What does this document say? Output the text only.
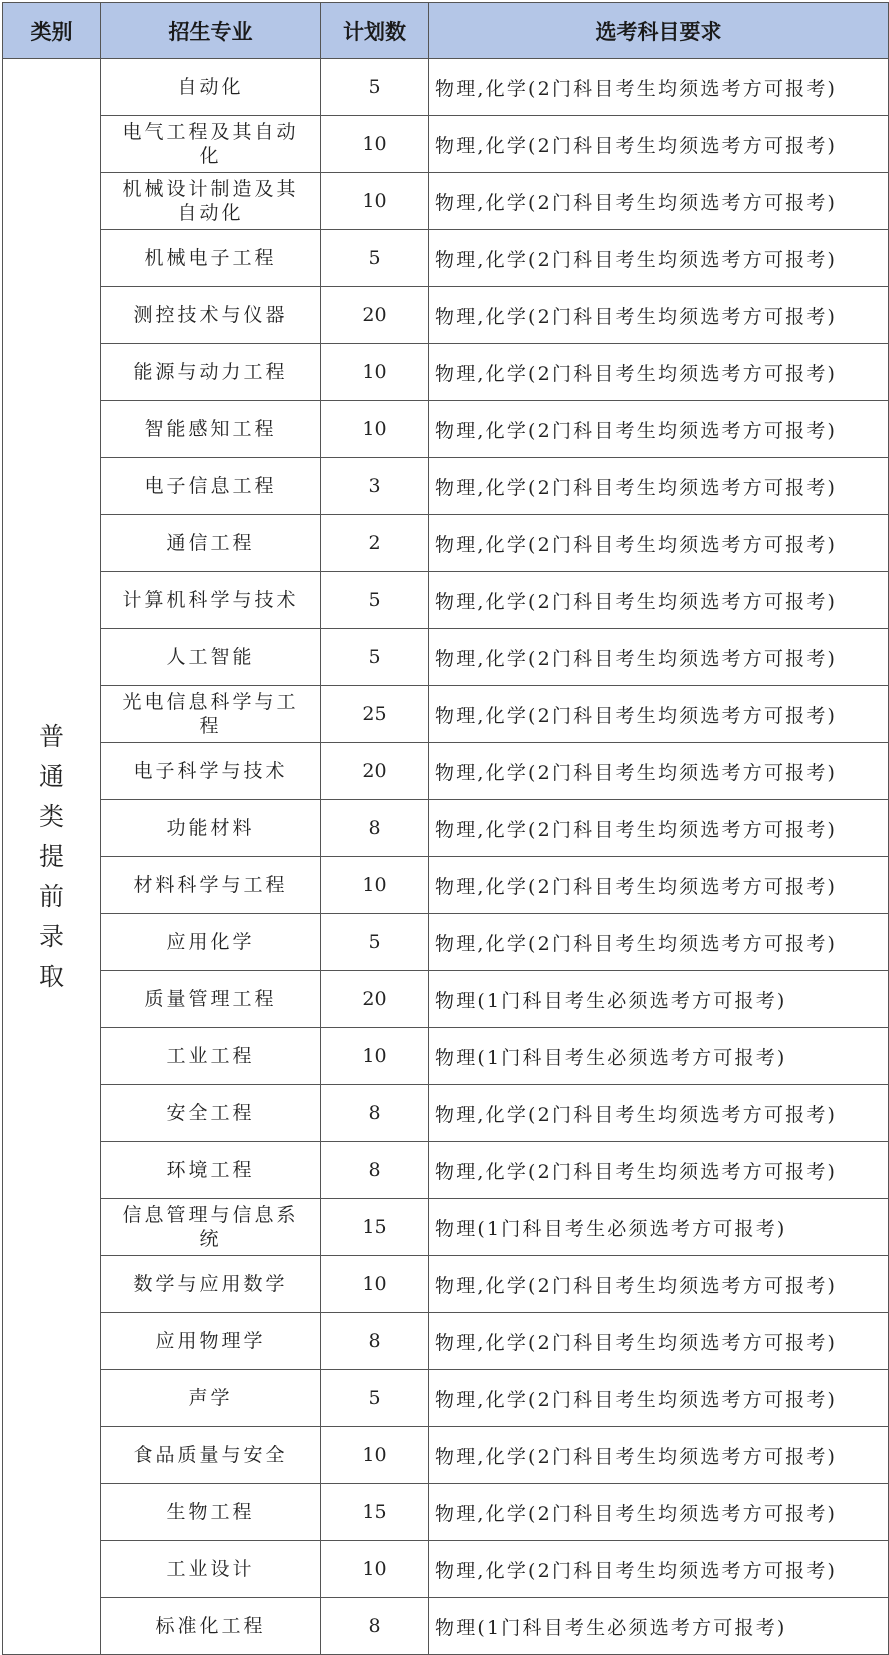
类别	招生专业	计划数	选考科目要求
普通类提前录取	自动化	5	物理,化学(2门科目考生均须选考方可报考)
	电气工程及其自动化	10	物理,化学(2门科目考生均须选考方可报考)
	机械设计制造及其自动化	10	物理,化学(2门科目考生均须选考方可报考)
	机械电子工程	5	物理,化学(2门科目考生均须选考方可报考)
	测控技术与仪器	20	物理,化学(2门科目考生均须选考方可报考)
	能源与动力工程	10	物理,化学(2门科目考生均须选考方可报考)
	智能感知工程	10	物理,化学(2门科目考生均须选考方可报考)
	电子信息工程	3	物理,化学(2门科目考生均须选考方可报考)
	通信工程	2	物理,化学(2门科目考生均须选考方可报考)
	计算机科学与技术	5	物理,化学(2门科目考生均须选考方可报考)
	人工智能	5	物理,化学(2门科目考生均须选考方可报考)
	光电信息科学与工程	25	物理,化学(2门科目考生均须选考方可报考)
	电子科学与技术	20	物理,化学(2门科目考生均须选考方可报考)
	功能材料	8	物理,化学(2门科目考生均须选考方可报考)
	材料科学与工程	10	物理,化学(2门科目考生均须选考方可报考)
	应用化学	5	物理,化学(2门科目考生均须选考方可报考)
	质量管理工程	20	物理(1门科目考生必须选考方可报考)
	工业工程	10	物理(1门科目考生必须选考方可报考)
	安全工程	8	物理,化学(2门科目考生均须选考方可报考)
	环境工程	8	物理,化学(2门科目考生均须选考方可报考)
	信息管理与信息系统	15	物理(1门科目考生必须选考方可报考)
	数学与应用数学	10	物理,化学(2门科目考生均须选考方可报考)
	应用物理学	8	物理,化学(2门科目考生均须选考方可报考)
	声学	5	物理,化学(2门科目考生均须选考方可报考)
	食品质量与安全	10	物理,化学(2门科目考生均须选考方可报考)
	生物工程	15	物理,化学(2门科目考生均须选考方可报考)
	工业设计	10	物理,化学(2门科目考生均须选考方可报考)
	标准化工程	8	物理(1门科目考生必须选考方可报考)
